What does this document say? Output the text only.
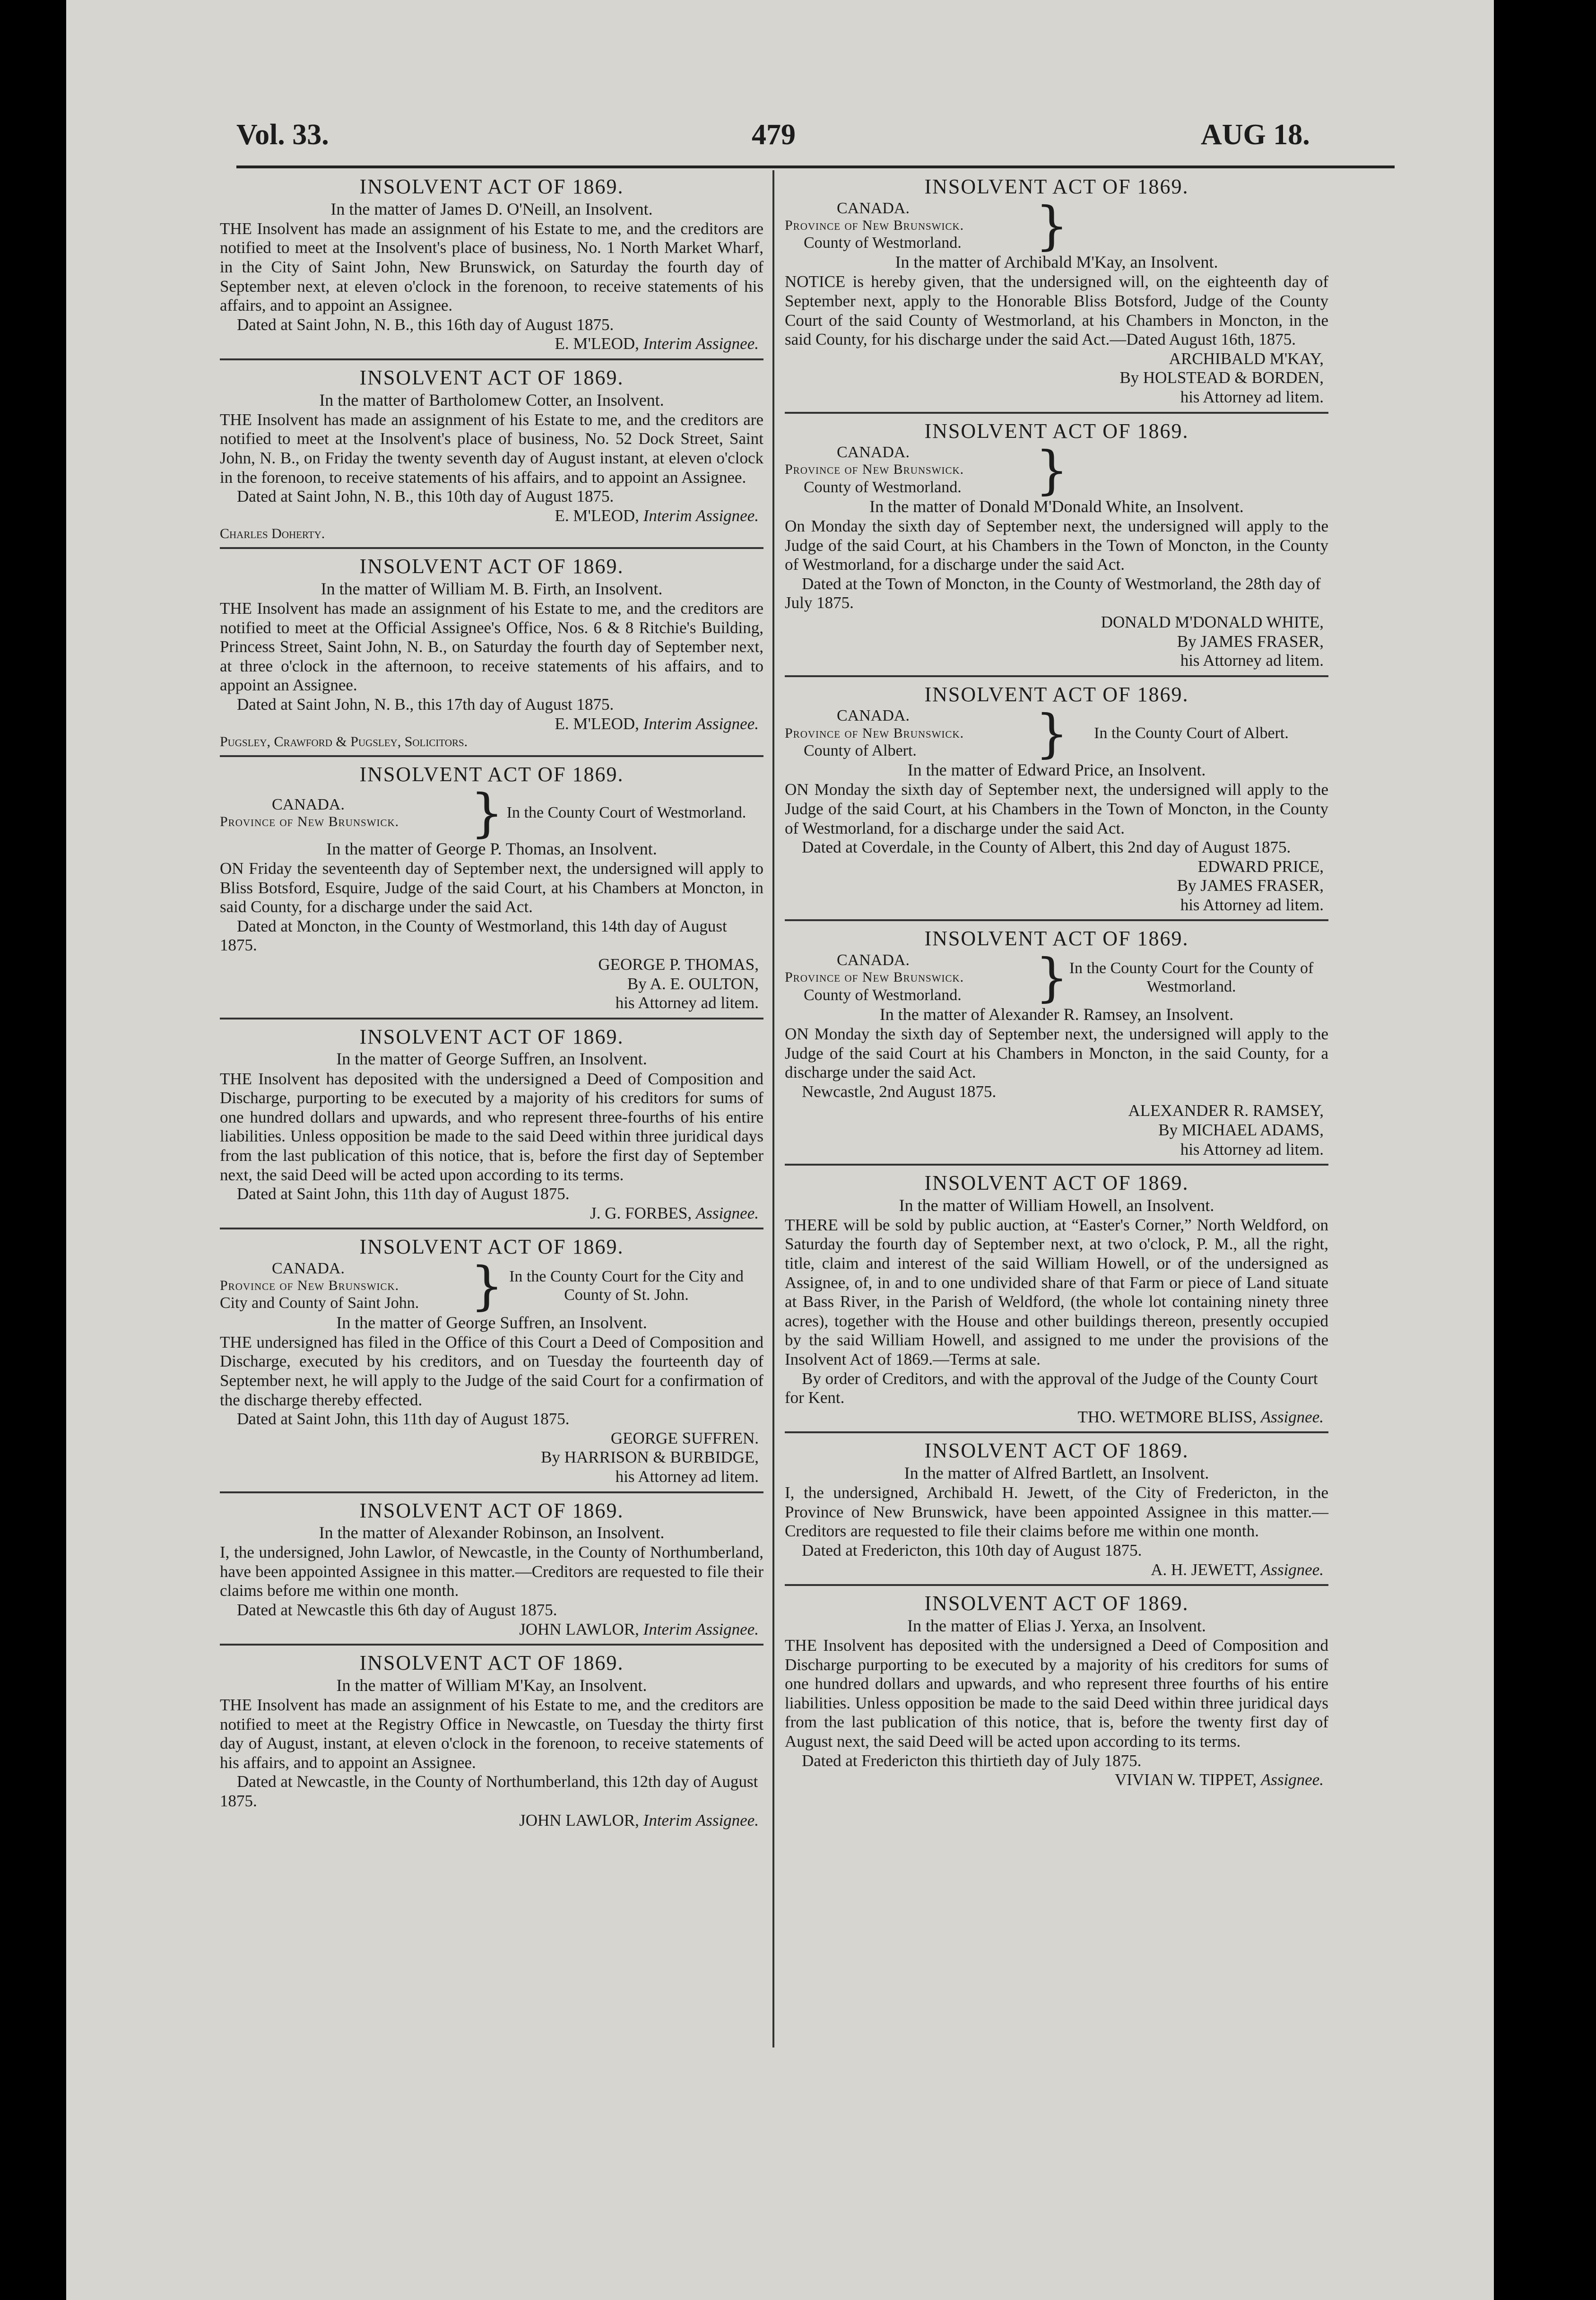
Vol. 33.	479	AUG 18.
INSOLVENT ACT OF 1869.
In the matter of James D. O'Neill, an Insolvent.

THE Insolvent has made an assignment of his Estate to me, and the creditors are notified to meet at the Insolvent's place of business, No. 1 North Market Wharf, in the City of Saint John, New Brunswick, on Saturday the fourth day of September next, at eleven o'clock in the forenoon, to receive statements of his affairs, and to appoint an Assignee.

Dated at Saint John, N. B., this 16th day of August 1875.

E. M'LEOD, Interim Assignee.
INSOLVENT ACT OF 1869.
In the matter of Bartholomew Cotter, an Insolvent.

THE Insolvent has made an assignment of his Estate to me, and the creditors are notified to meet at the Insolvent's place of business, No. 52 Dock Street, Saint John, N. B., on Friday the twenty seventh day of August instant, at eleven o'clock in the forenoon, to receive statements of his affairs, and to appoint an Assignee.

Dated at Saint John, N. B., this 10th day of August 1875.

E. M'LEOD, Interim Assignee.
Charles Doherty.
INSOLVENT ACT OF 1869.
In the matter of William M. B. Firth, an Insolvent.

THE Insolvent has made an assignment of his Estate to me, and the creditors are notified to meet at the Official Assignee's Office, Nos. 6 & 8 Ritchie's Building, Princess Street, Saint John, N. B., on Saturday the fourth day of September next, at three o'clock in the afternoon, to receive statements of his affairs, and to appoint an Assignee.

Dated at Saint John, N. B., this 17th day of August 1875.

E. M'LEOD, Interim Assignee.
Pugsley, Crawford & Pugsley, Solicitors.
INSOLVENT ACT OF 1869.
CANADA.
Province of New Brunswick.	} In the County Court of Westmorland.
In the matter of George P. Thomas, an Insolvent.

ON Friday the seventeenth day of September next, the undersigned will apply to Bliss Botsford, Esquire, Judge of the said Court, at his Chambers at Moncton, in said County, for a discharge under the said Act.

Dated at Moncton, in the County of Westmorland, this 14th day of August 1875.

GEORGE P. THOMAS,
By A. E. OULTON,
his Attorney ad litem.
INSOLVENT ACT OF 1869.
In the matter of George Suffren, an Insolvent.

THE Insolvent has deposited with the undersigned a Deed of Composition and Discharge, purporting to be executed by a majority of his creditors for sums of one hundred dollars and upwards, and who represent three-fourths of his entire liabilities. Unless opposition be made to the said Deed within three juridical days from the last publication of this notice, that is, before the first day of September next, the said Deed will be acted upon according to its terms.

Dated at Saint John, this 11th day of August 1875.

J. G. FORBES, Assignee.
INSOLVENT ACT OF 1869.
CANADA.
Province of New Brunswick.
City and County of Saint John. } In the County Court for the City and County of St. John.
In the matter of George Suffren, an Insolvent.

THE undersigned has filed in the Office of this Court a Deed of Composition and Discharge, executed by his creditors, and on Tuesday the fourteenth day of September next, he will apply to the Judge of the said Court for a confirmation of the discharge thereby effected.

Dated at Saint John, this 11th day of August 1875.

GEORGE SUFFREN.
By HARRISON & BURBIDGE,
his Attorney ad litem.
INSOLVENT ACT OF 1869.
In the matter of Alexander Robinson, an Insolvent.

I, the undersigned, John Lawlor, of Newcastle, in the County of Northumberland, have been appointed Assignee in this matter.—Creditors are requested to file their claims before me within one month.

Dated at Newcastle this 6th day of August 1875.

JOHN LAWLOR, Interim Assignee.
INSOLVENT ACT OF 1869.
In the matter of William M'Kay, an Insolvent.

THE Insolvent has made an assignment of his Estate to me, and the creditors are notified to meet at the Registry Office in Newcastle, on Tuesday the thirty first day of August, instant, at eleven o'clock in the forenoon, to receive statements of his affairs, and to appoint an Assignee.

Dated at Newcastle, in the County of Northumberland, this 12th day of August 1875.

JOHN LAWLOR, Interim Assignee.
INSOLVENT ACT OF 1869.
CANADA.
Province of New Brunswick.
County of Westmorland.	}
In the matter of Archibald M'Kay, an Insolvent.

NOTICE is hereby given, that the undersigned will, on the eighteenth day of September next, apply to the Honorable Bliss Botsford, Judge of the County Court of the said County of Westmorland, at his Chambers in Moncton, in the said County, for his discharge under the said Act.—Dated August 16th, 1875.

ARCHIBALD M'KAY,
By HOLSTEAD & BORDEN,
his Attorney ad litem.
INSOLVENT ACT OF 1869.
CANADA.
Province of New Brunswick.
County of Westmorland.	}
In the matter of Donald M'Donald White, an Insolvent.

On Monday the sixth day of September next, the undersigned will apply to the Judge of the said Court, at his Chambers in the Town of Moncton, in the County of Westmorland, for a discharge under the said Act.

Dated at the Town of Moncton, in the County of Westmorland, the 28th day of July 1875.

DONALD M'DONALD WHITE,
By JAMES FRASER,
his Attorney ad litem.
INSOLVENT ACT OF 1869.
CANADA.
Province of New Brunswick.
County of Albert.	}	In the County Court of Albert.
In the matter of Edward Price, an Insolvent.

ON Monday the sixth day of September next, the undersigned will apply to the Judge of the said Court, at his Chambers in the Town of Moncton, in the County of Westmorland, for a discharge under the said Act.

Dated at Coverdale, in the County of Albert, this 2nd day of August 1875.

EDWARD PRICE,
By JAMES FRASER,
his Attorney ad litem.
INSOLVENT ACT OF 1869.
CANADA.
Province of New Brunswick.
County of Westmorland.	} In the County Court for the County of Westmorland.
In the matter of Alexander R. Ramsey, an Insolvent.

ON Monday the sixth day of September next, the undersigned will apply to the Judge of the said Court at his Chambers in Moncton, in the said County, for a discharge under the said Act.

Newcastle, 2nd August 1875.

ALEXANDER R. RAMSEY,
By MICHAEL ADAMS,
his Attorney ad litem.
INSOLVENT ACT OF 1869.
In the matter of William Howell, an Insolvent.

THERE will be sold by public auction, at “Easter's Corner,” North Weldford, on Saturday the fourth day of September next, at two o'clock, P. M., all the right, title, claim and interest of the said William Howell, or of the undersigned as Assignee, of, in and to one undivided share of that Farm or piece of Land situate at Bass River, in the Parish of Weldford, (the whole lot containing ninety three acres), together with the House and other buildings thereon, presently occupied by the said William Howell, and assigned to me under the provisions of the Insolvent Act of 1869.—Terms at sale.

By order of Creditors, and with the approval of the Judge of the County Court for Kent.

THO. WETMORE BLISS, Assignee.
INSOLVENT ACT OF 1869.
In the matter of Alfred Bartlett, an Insolvent.

I, the undersigned, Archibald H. Jewett, of the City of Fredericton, in the Province of New Brunswick, have been appointed Assignee in this matter.—Creditors are requested to file their claims before me within one month.

Dated at Fredericton, this 10th day of August 1875.

A. H. JEWETT, Assignee.
INSOLVENT ACT OF 1869.
In the matter of Elias J. Yerxa, an Insolvent.

THE Insolvent has deposited with the undersigned a Deed of Composition and Discharge purporting to be executed by a majority of his creditors for sums of one hundred dollars and upwards, and who represent three fourths of his entire liabilities. Unless opposition be made to the said Deed within three juridical days from the last publication of this notice, that is, before the twenty first day of August next, the said Deed will be acted upon according to its terms.

Dated at Fredericton this thirtieth day of July 1875.

VIVIAN W. TIPPET, Assignee.
